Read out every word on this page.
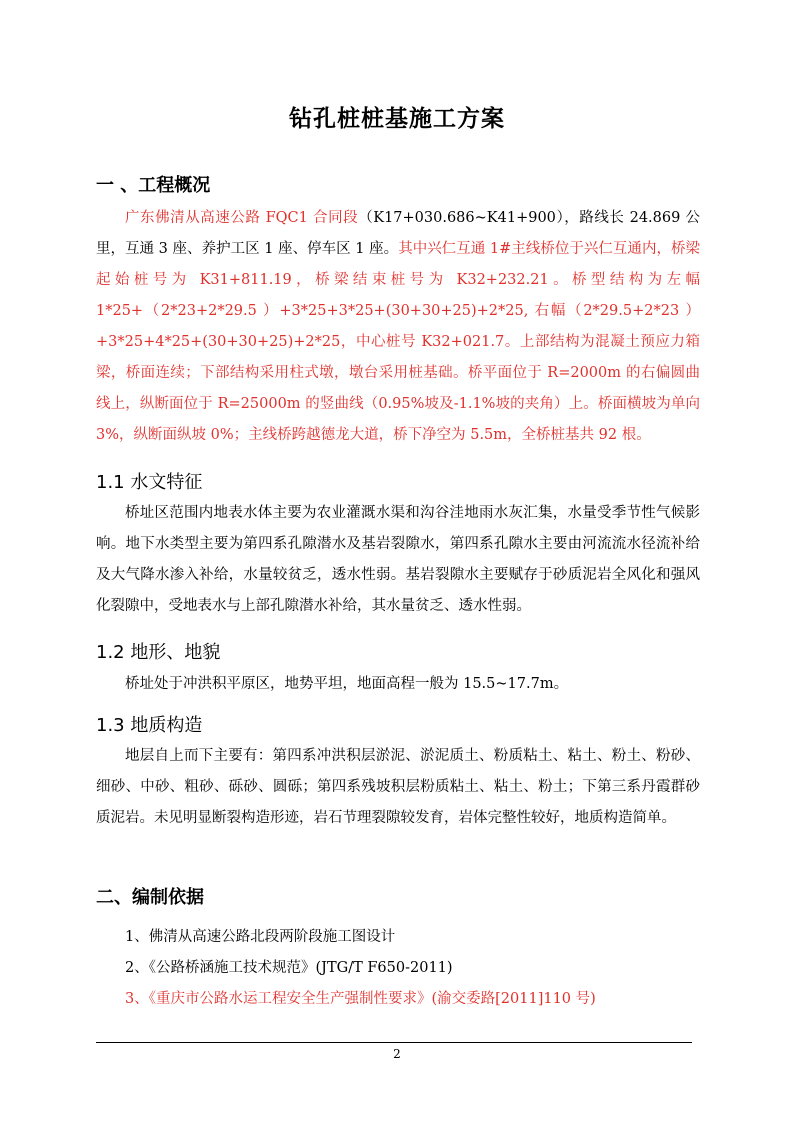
钻孔桩桩基施工方案
一 、工程概况

广东佛清从高速公路 FQC1 合同段（K17+030.686~K41+900），路线长 24.869 公里，互通 3 座、养护工区 1 座、停车区 1 座。其中兴仁互通 1#主线桥位于兴仁互通内，桥梁起始桩号为 K31+811.19，桥梁结束桩号为 K32+232.21。桥型结构为左幅 1*25+（2*23+2*29.5 ）+3*25+3*25+(30+30+25)+2*25, 右幅（2*29.5+2*23 ）+3*25+4*25+(30+30+25)+2*25，中心桩号 K32+021.7。上部结构为混凝土预应力箱梁，桥面连续；下部结构采用柱式墩，墩台采用桩基础。桥平面位于 R=2000m 的右偏圆曲线上，纵断面位于 R=25000m 的竖曲线（0.95%坡及-1.1%坡的夹角）上。桥面横坡为单向 3%，纵断面纵坡 0%；主线桥跨越德龙大道，桥下净空为 5.5m，全桥桩基共 92 根。

1.1 水文特征

桥址区范围内地表水体主要为农业灌溉水渠和沟谷洼地雨水灰汇集，水量受季节性气候影响。地下水类型主要为第四系孔隙潜水及基岩裂隙水，第四系孔隙水主要由河流流水径流补给及大气降水渗入补给，水量较贫乏，透水性弱。基岩裂隙水主要赋存于砂质泥岩全风化和强风化裂隙中，受地表水与上部孔隙潜水补给，其水量贫乏、透水性弱。

1.2 地形、地貌

桥址处于冲洪积平原区，地势平坦，地面高程一般为 15.5~17.7m。

1.3 地质构造

地层自上而下主要有：第四系冲洪积层淤泥、淤泥质土、粉质粘土、粘土、粉土、粉砂、细砂、中砂、粗砂、砾砂、圆砾；第四系残坡积层粉质粘土、粘土、粉土；下第三系丹霞群砂质泥岩。未见明显断裂构造形迹，岩石节理裂隙较发育，岩体完整性较好，地质构造简单。

二、编制依据
1、佛清从高速公路北段两阶段施工图设计
2、《公路桥涵施工技术规范》(JTG/T F650-2011)
3、《重庆市公路水运工程安全生产强制性要求》(渝交委路[2011]110 号)
2
